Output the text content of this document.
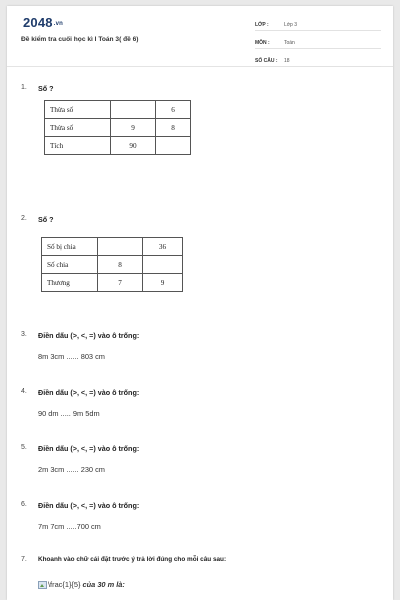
2048.vn
Đề kiểm tra cuối học kì I Toán 3( đề 6)
LỚP :	Lớp 3
MÔN :	Toán
SỐ CÂU :	18
1. Số ?
Thừa số		6
Thừa số	9	8
Tích	90	
2. Số ?
Số bị chia		36
Số chia	8	
Thương	7	9
3. Điền dấu (>, <, =) vào ô trống:
8m 3cm ...... 803 cm
4. Điền dấu (>, <, =) vào ô trống:
90 dm ..... 9m 5dm
5. Điền dấu (>, <, =) vào ô trống:
2m 3cm ...... 230 cm
6. Điền dấu (>, <, =) vào ô trống:
7m 7cm .....700 cm
7. Khoanh vào chữ cái đặt trước ý trả lời đúng cho mỗi câu sau:
\frac{1}{5} của 30 m là:
